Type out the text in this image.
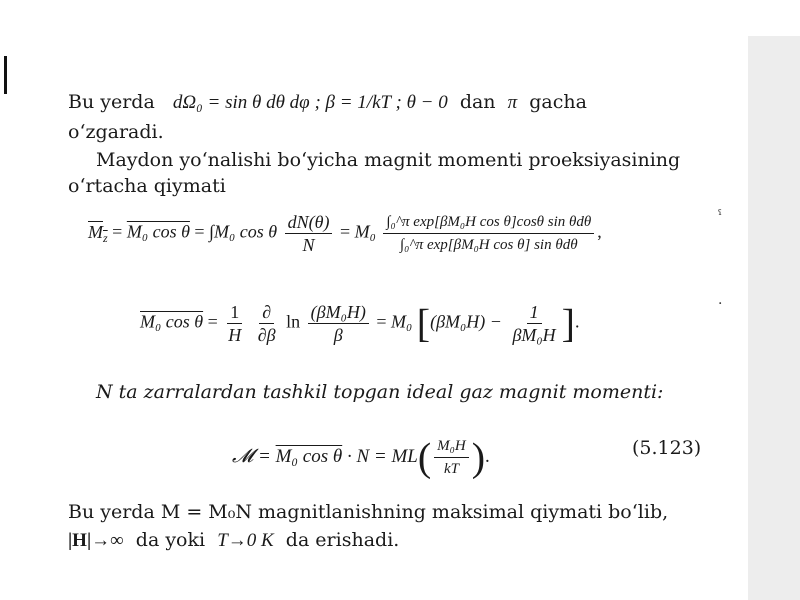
Bu yerda dΩ₀ = sin θ dθ dφ ; β = 1/kT ; θ − 0 dan π gacha
o‘zgaradi.
Maydon yo‘nalishi bo‘yicha magnit momenti proeksiyasining
o‘rtacha qiymati
$M_z = M_0$ cos θ = ∫M₀ cos θ $\frac{dN(\theta)}{N} = M_0 \frac{\text{∫₀\textasciicircum{}π exp[βM₀H cos θ]cosθ sin θdθ}}{\text{∫₀\textasciicircum{}π exp[βM₀H cos θ] sin θdθ}}$ ,
ˤ
·
M₀ $\cos \theta = \frac{1}{H}$
$\frac{\partial}{\partial\beta}$ $\ln \frac{\text{(βM₀H)}}{\beta} = M_0$ [$(\beta M_0H) - \frac{1}{\text{βM₀H}}$ ].
N ta zarralardan tashkil topgan ideal gaz magnit momenti:
𝓜 = M₀ $\cos \theta \cdot N = ML( \frac{\text{M₀H}}{kT}$ ).	(5.123)
Bu yerda M = M₀N magnitlanishning maksimal qiymati bo‘lib,
|H|→∞ da yoki T→0 K da erishadi.
